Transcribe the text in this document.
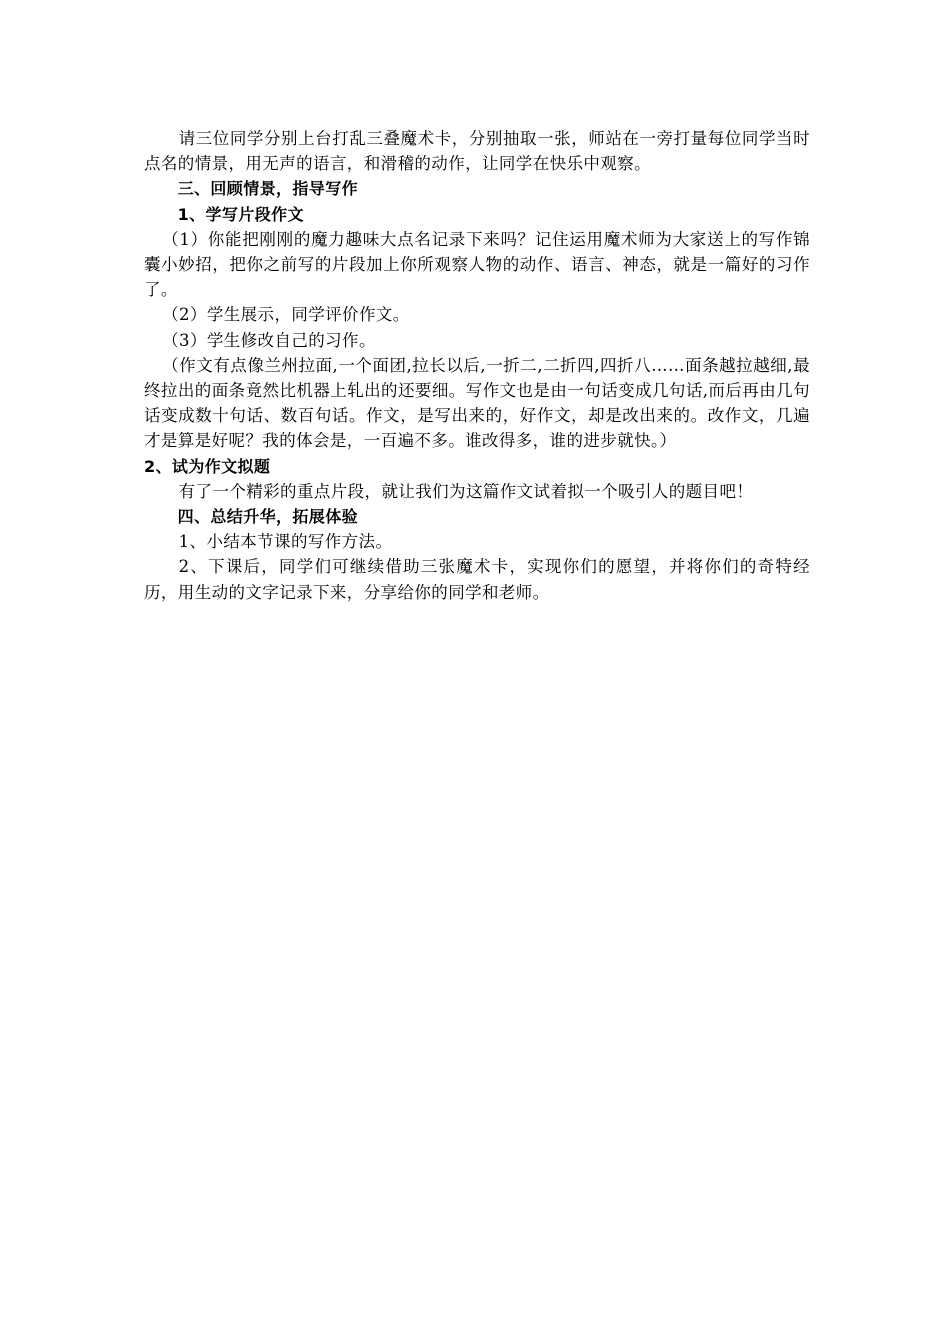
请三位同学分别上台打乱三叠魔术卡，分别抽取一张，师站在一旁打量每位同学当时点名的情景，用无声的语言，和滑稽的动作，让同学在快乐中观察。

三、回顾情景，指导写作

1、学写片段作文

（1）你能把刚刚的魔力趣味大点名记录下来吗？记住运用魔术师为大家送上的写作锦囊小妙招，把你之前写的片段加上你所观察人物的动作、语言、神态，就是一篇好的习作了。

（2）学生展示，同学评价作文。

（3）学生修改自己的习作。

（作文有点像兰州拉面,一个面团,拉长以后,一折二,二折四,四折八……面条越拉越细,最终拉出的面条竟然比机器上轧出的还要细。写作文也是由一句话变成几句话,而后再由几句话变成数十句话、数百句话。作文，是写出来的，好作文，却是改出来的。改作文，几遍才是算是好呢？我的体会是，一百遍不多。谁改得多，谁的进步就快。）

2、试为作文拟题

有了一个精彩的重点片段，就让我们为这篇作文试着拟一个吸引人的题目吧！

四、总结升华，拓展体验

1、小结本节课的写作方法。

2、下课后，同学们可继续借助三张魔术卡，实现你们的愿望，并将你们的奇特经历，用生动的文字记录下来，分享给你的同学和老师。
